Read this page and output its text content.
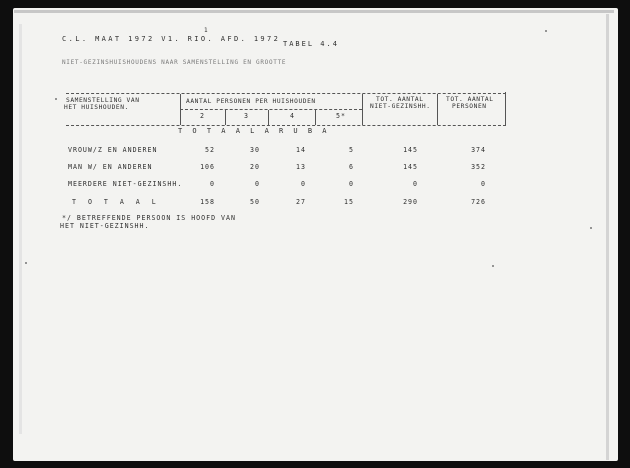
C.L. MAAT 1972 V1. RIO. AFD. 1972
1
TABEL 4.4
NIET-GEZINSHUISHOUDENS NAAR SAMENSTELLING EN GROOTTE
SAMENSTELLING VAN
HET HUISHOUDEN.
AANTAL PERSONEN PER HUISHOUDEN	TOT. AANTAL
NIET-GEZINSHH.
TOT. AANTAL
PERSONEN
2	3	4	5*
T O T A A L A R U B A
VROUW/Z EN ANDEREN	52	30	14	5	145	374
MAN W/ EN ANDEREN	106	20	13	6	145	352
MEERDERE NIET-GEZINSHH.	0	0	0	0	0	0
T O T A A L	158	50	27	15	290	726
*/ BETREFFENDE PERSOON IS HOOFD VAN
HET NIET-GEZINSHH.
